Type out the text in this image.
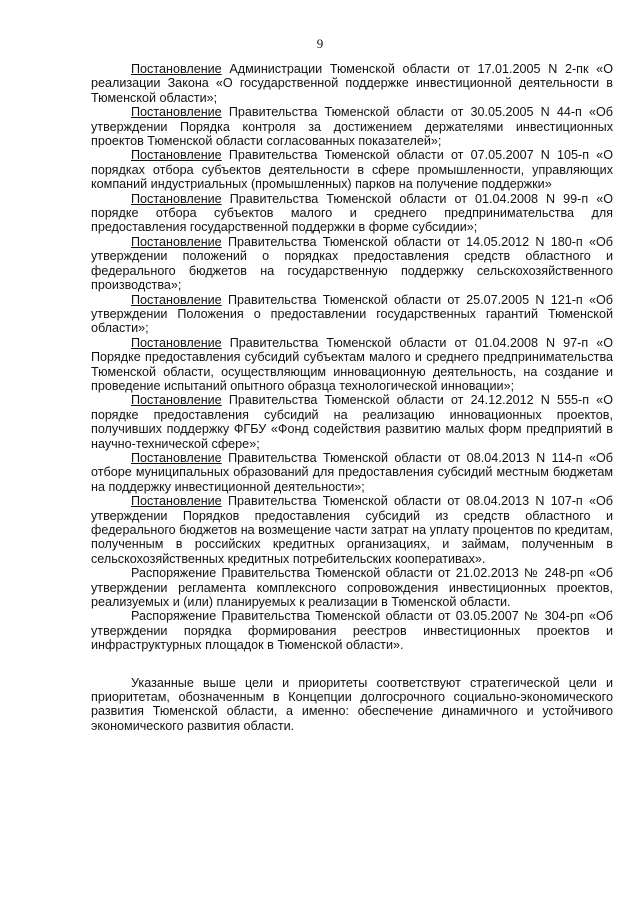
9

Постановление Администрации Тюменской области от 17.01.2005 N 2-пк «О реализации Закона «О государственной поддержке инвестиционной деятельности в Тюменской области»;

Постановление Правительства Тюменской области от 30.05.2005 N 44-п «Об утверждении Порядка контроля за достижением держателями инвестиционных проектов Тюменской области согласованных показателей»;

Постановление Правительства Тюменской области от 07.05.2007 N 105-п «О порядках отбора субъектов деятельности в сфере промышленности, управляющих компаний индустриальных (промышленных) парков на получение поддержки»

Постановление Правительства Тюменской области от 01.04.2008 N 99-п «О порядке отбора субъектов малого и среднего предпринимательства для предоставления государственной поддержки в форме субсидии»;

Постановление Правительства Тюменской области от 14.05.2012 N 180-п «Об утверждении положений о порядках предоставления средств областного и федерального бюджетов на государственную поддержку сельскохозяйственного производства»;

Постановление Правительства Тюменской области от 25.07.2005 N 121-п «Об утверждении Положения о предоставлении государственных гарантий Тюменской области»;

Постановление Правительства Тюменской области от 01.04.2008 N 97-п «О Порядке предоставления субсидий субъектам малого и среднего предпринимательства Тюменской области, осуществляющим инновационную деятельность, на создание и проведение испытаний опытного образца технологической инновации»;

Постановление Правительства Тюменской области от 24.12.2012 N 555-п «О порядке предоставления субсидий на реализацию инновационных проектов, получивших поддержку ФГБУ «Фонд содействия развитию малых форм предприятий в научно-технической сфере»;

Постановление Правительства Тюменской области от 08.04.2013 N 114-п «Об отборе муниципальных образований для предоставления субсидий местным бюджетам на поддержку инвестиционной деятельности»;

Постановление Правительства Тюменской области от 08.04.2013 N 107-п «Об утверждении Порядков предоставления субсидий из средств областного и федерального бюджетов на возмещение части затрат на уплату процентов по кредитам, полученным в российских кредитных организациях, и займам, полученным в сельскохозяйственных кредитных потребительских кооперативах».

Распоряжение Правительства Тюменской области от 21.02.2013 № 248-рп «Об утверждении регламента комплексного сопровождения инвестиционных проектов, реализуемых и (или) планируемых к реализации в Тюменской области.

Распоряжение Правительства Тюменской области от 03.05.2007 № 304-рп «Об утверждении порядка формирования реестров инвестиционных проектов и инфраструктурных площадок в Тюменской области».

Указанные выше цели и приоритеты соответствуют стратегической цели и приоритетам, обозначенным в Концепции долгосрочного социально-экономического развития Тюменской области, а именно: обеспечение динамичного и устойчивого экономического развития области.
